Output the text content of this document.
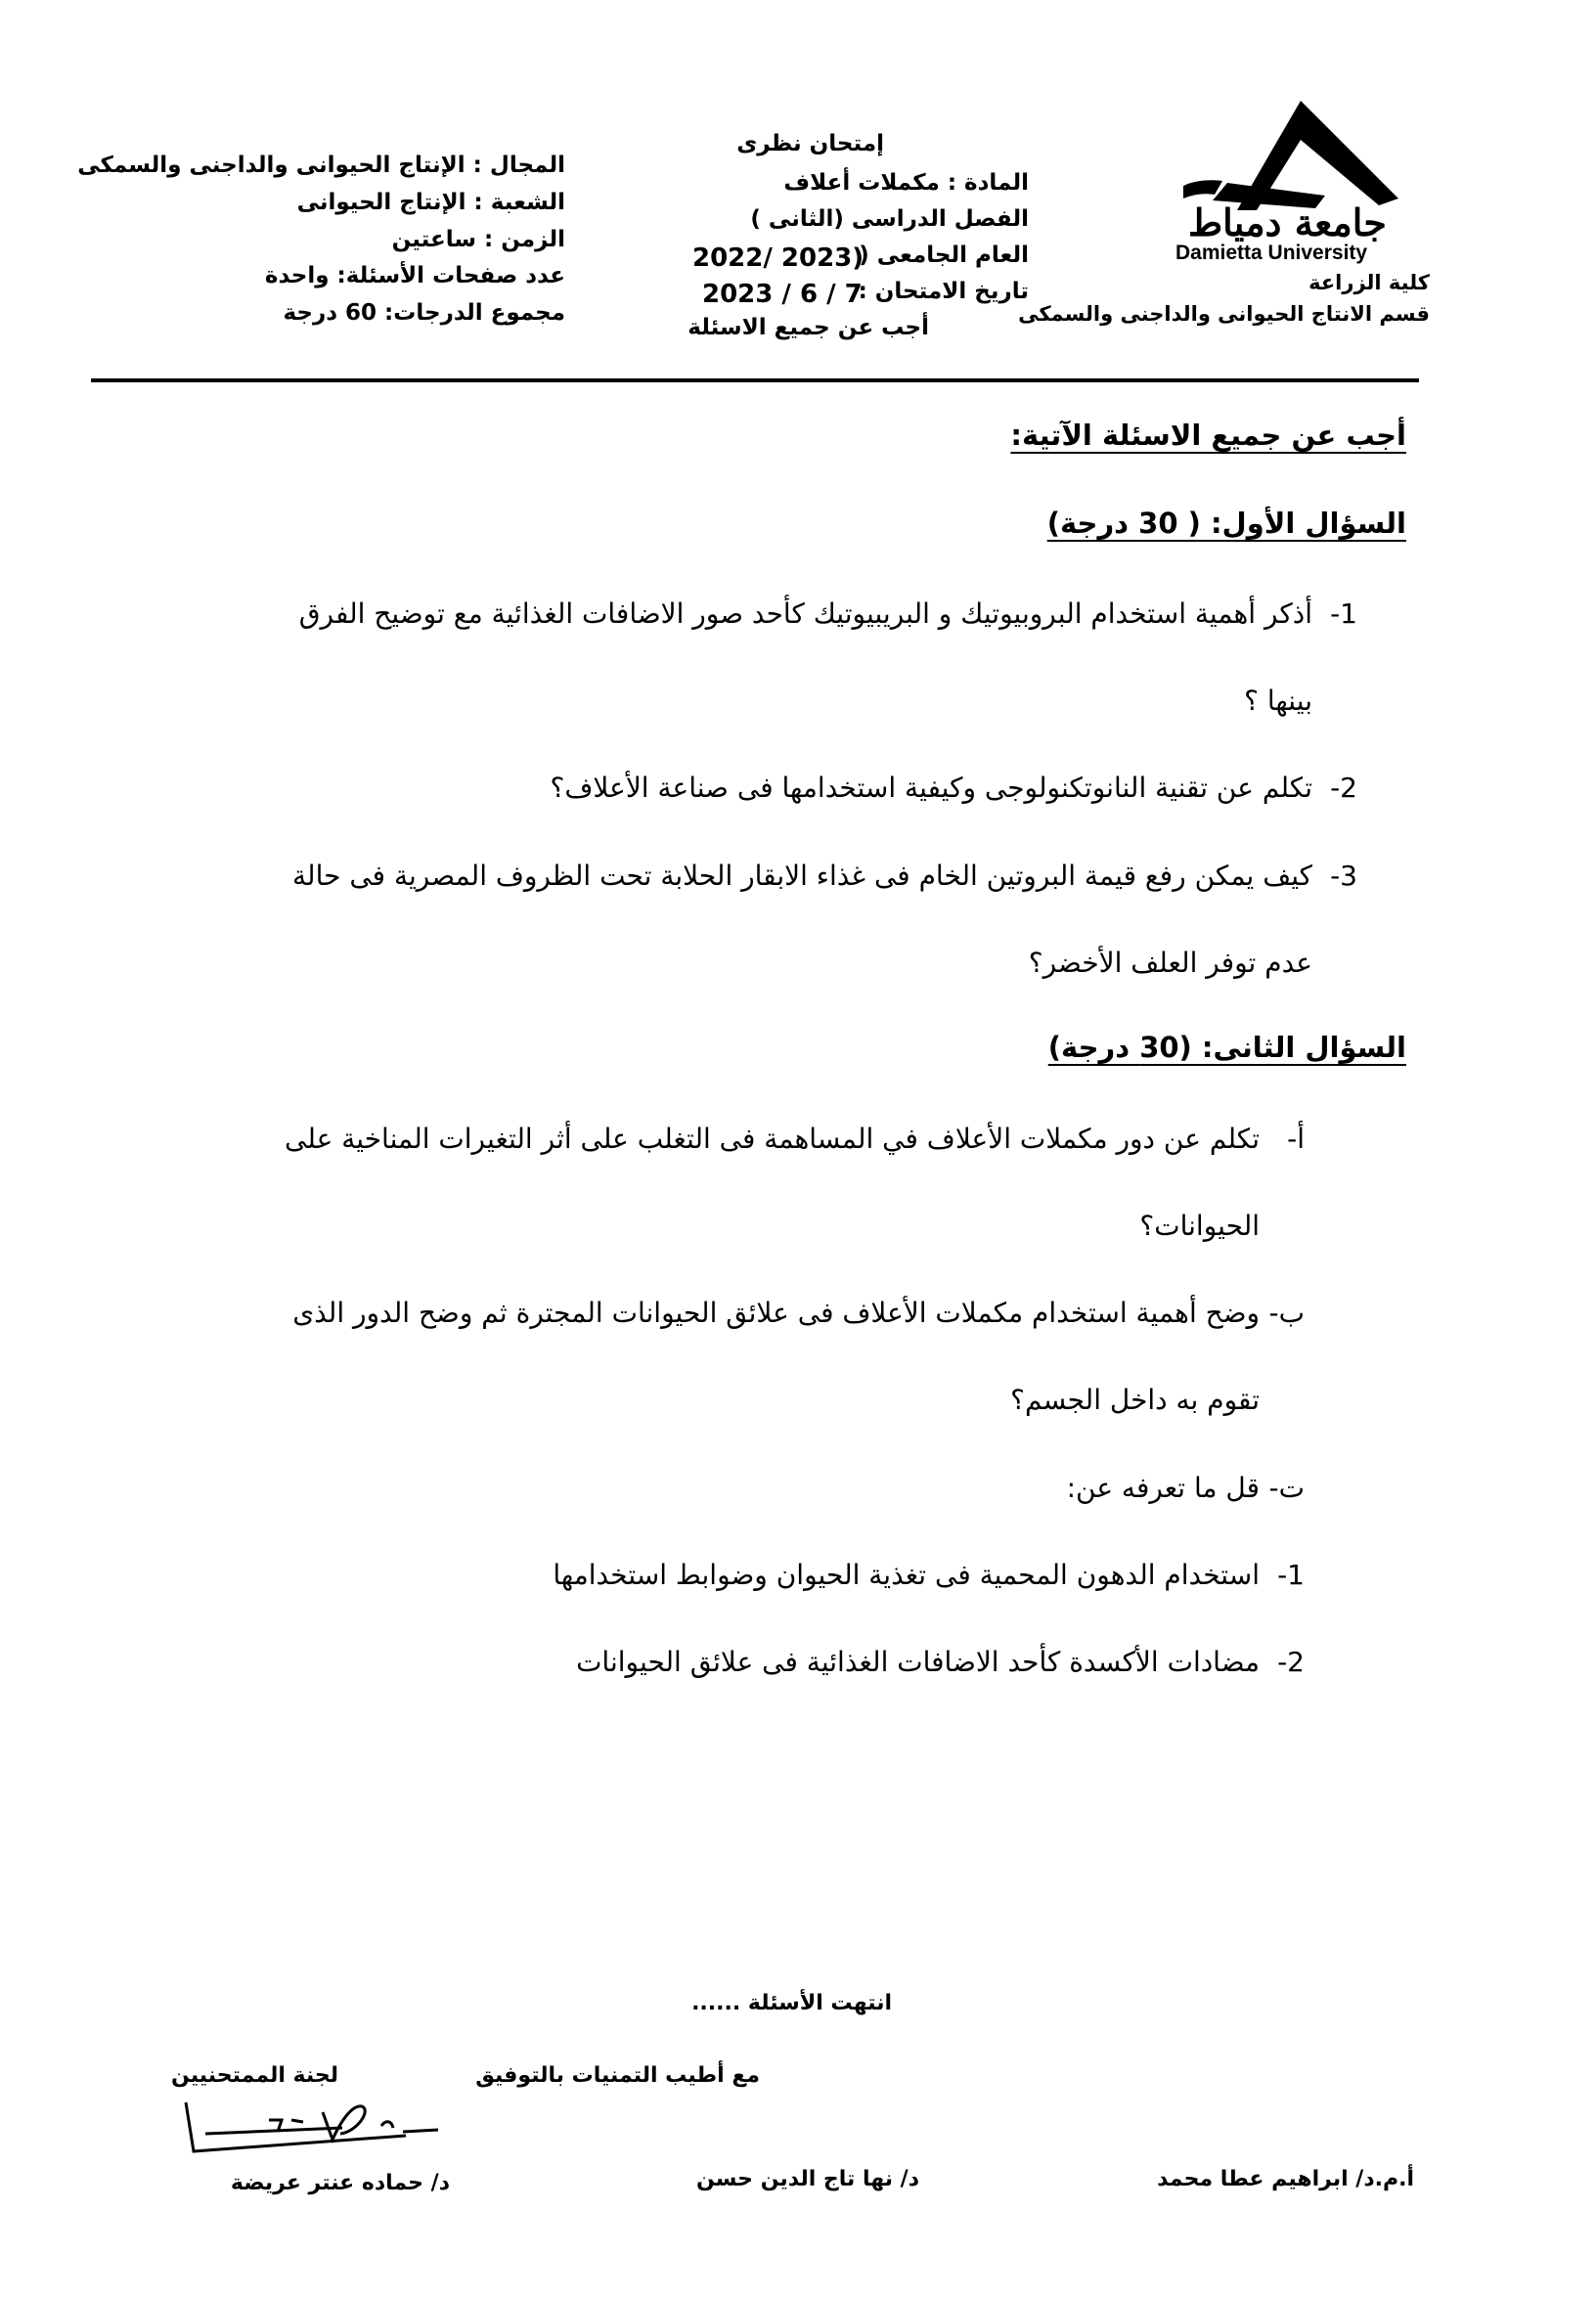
جامعة دمياط
Damietta University
كلية الزراعة
قسم الانتاج الحيوانى والداجنى والسمكى
إمتحان نظرى
المادة : مكملات أعلاف
الفصل الدراسى (الثانى )
العام الجامعى (
2022/ 2023)
تاريخ الامتحان :
2023 / 6 / 7
أجب عن جميع الاسئلة
المجال : الإنتاج الحيوانى والداجنى والسمكى
الشعبة : الإنتاج الحيوانى
الزمن : ساعتين
عدد صفحات الأسئلة: واحدة
مجموع الدرجات: 60 درجة
أجب عن جميع الاسئلة الآتية:
السؤال الأول: ( 30 درجة)
1-
أذكر أهمية استخدام البروبيوتيك و البريبيوتيك كأحد صور الاضافات الغذائية مع توضيح الفرق
بينها ؟
2-
تكلم عن تقنية النانوتكنولوجى وكيفية استخدامها فى صناعة الأعلاف؟
3-
كيف يمكن رفع قيمة البروتين الخام فى غذاء الابقار الحلابة تحت الظروف المصرية فى حالة
عدم توفر العلف الأخضر؟
السؤال الثانى: (30 درجة)
أ-
تكلم عن دور مكملات الأعلاف في المساهمة فى التغلب على أثر التغيرات المناخية على
الحيوانات؟
ب-
وضح أهمية استخدام مكملات الأعلاف فى علائق الحيوانات المجترة ثم وضح الدور الذى
تقوم به داخل الجسم؟
ت-
قل ما تعرفه عن:
1-
استخدام الدهون المحمية فى تغذية الحيوان وضوابط استخدامها
2-
مضادات الأكسدة كأحد الاضافات الغذائية فى علائق الحيوانات
انتهت الأسئلة ......
مع أطيب التمنيات بالتوفيق
لجنة الممتحنيين
أ.م.د/ ابراهيم عطا محمد
د/ نها تاج الدين حسن
د/ حماده عنتر عريضة
